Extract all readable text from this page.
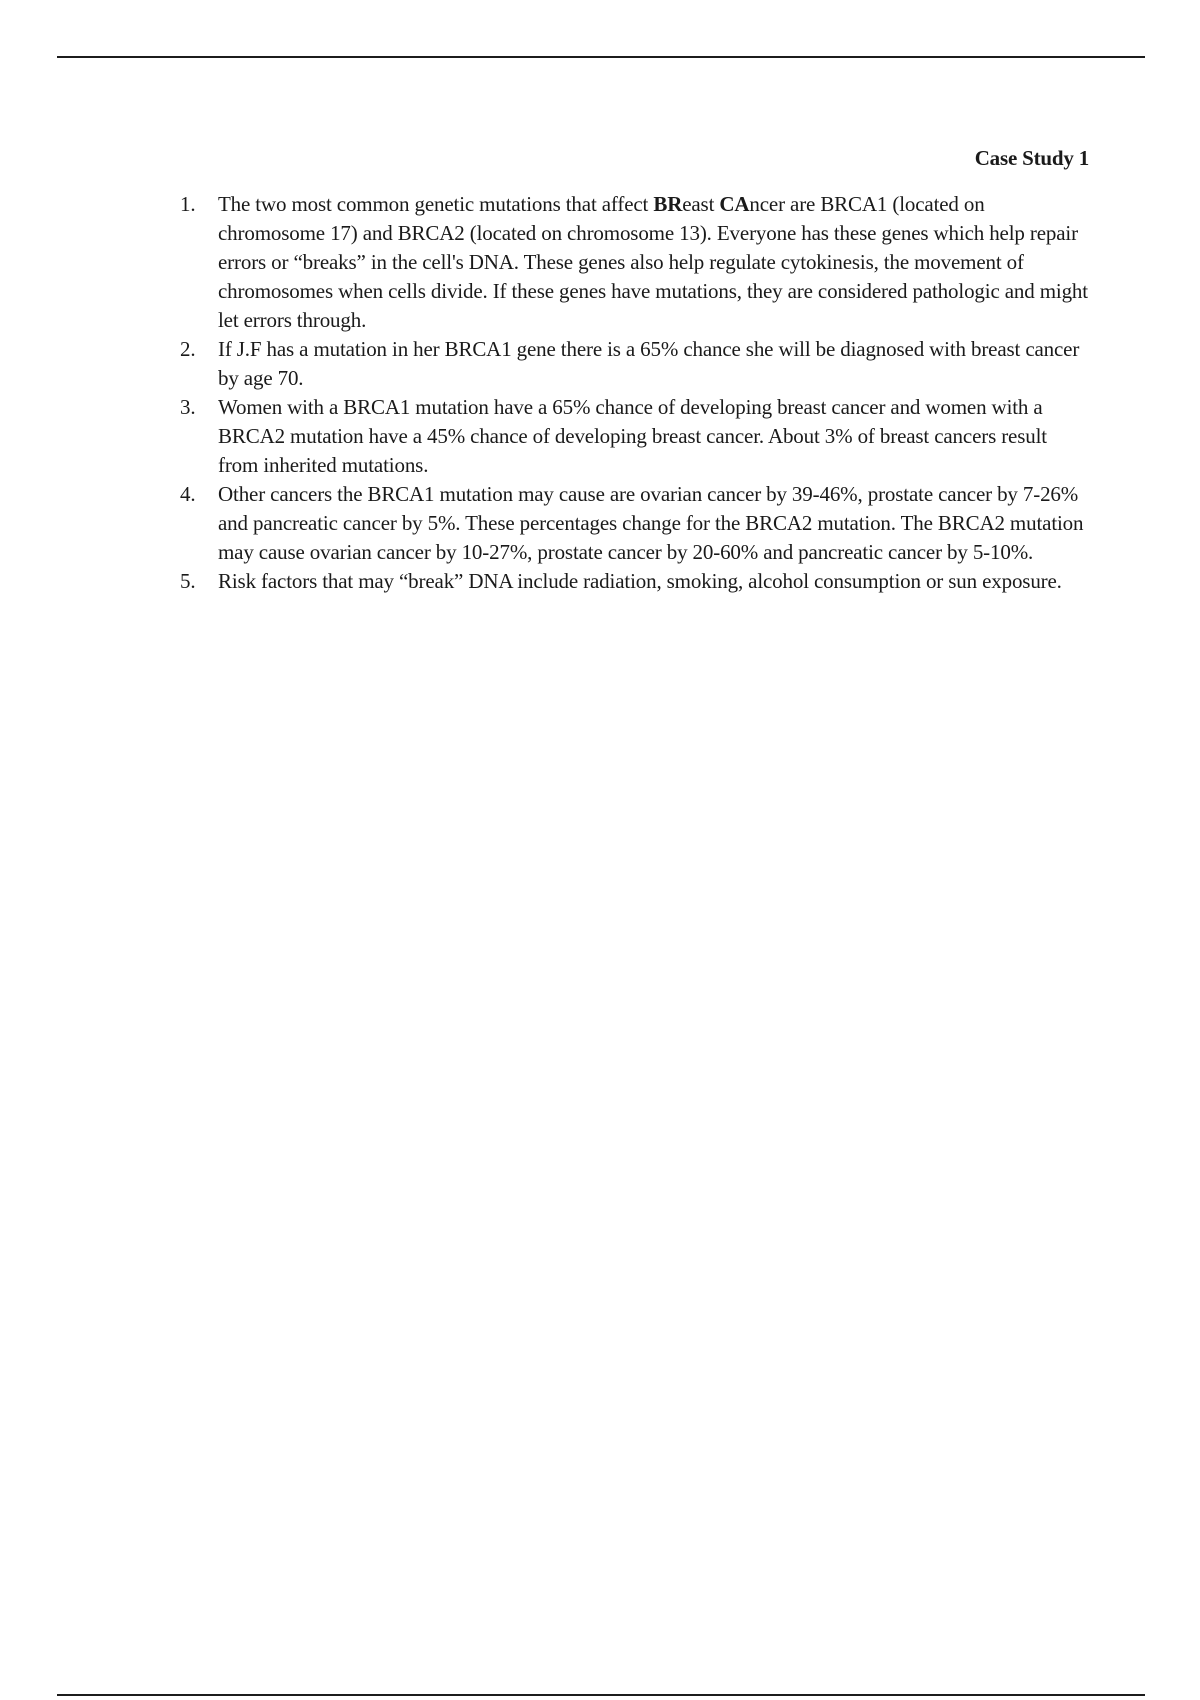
Case Study 1
1. The two most common genetic mutations that affect BReast CAncer are BRCA1 (located on chromosome 17) and BRCA2 (located on chromosome 13). Everyone has these genes which help repair errors or “breaks” in the cell's DNA. These genes also help regulate cytokinesis, the movement of chromosomes when cells divide. If these genes have mutations, they are considered pathologic and might let errors through.
2. If J.F has a mutation in her BRCA1 gene there is a 65% chance she will be diagnosed with breast cancer by age 70.
3. Women with a BRCA1 mutation have a 65% chance of developing breast cancer and women with a BRCA2 mutation have a 45% chance of developing breast cancer. About 3% of breast cancers result from inherited mutations.
4. Other cancers the BRCA1 mutation may cause are ovarian cancer by 39-46%, prostate cancer by 7-26% and pancreatic cancer by 5%. These percentages change for the BRCA2 mutation. The BRCA2 mutation may cause ovarian cancer by 10-27%, prostate cancer by 20-60% and pancreatic cancer by 5-10%.
5. Risk factors that may “break” DNA include radiation, smoking, alcohol consumption or sun exposure.
